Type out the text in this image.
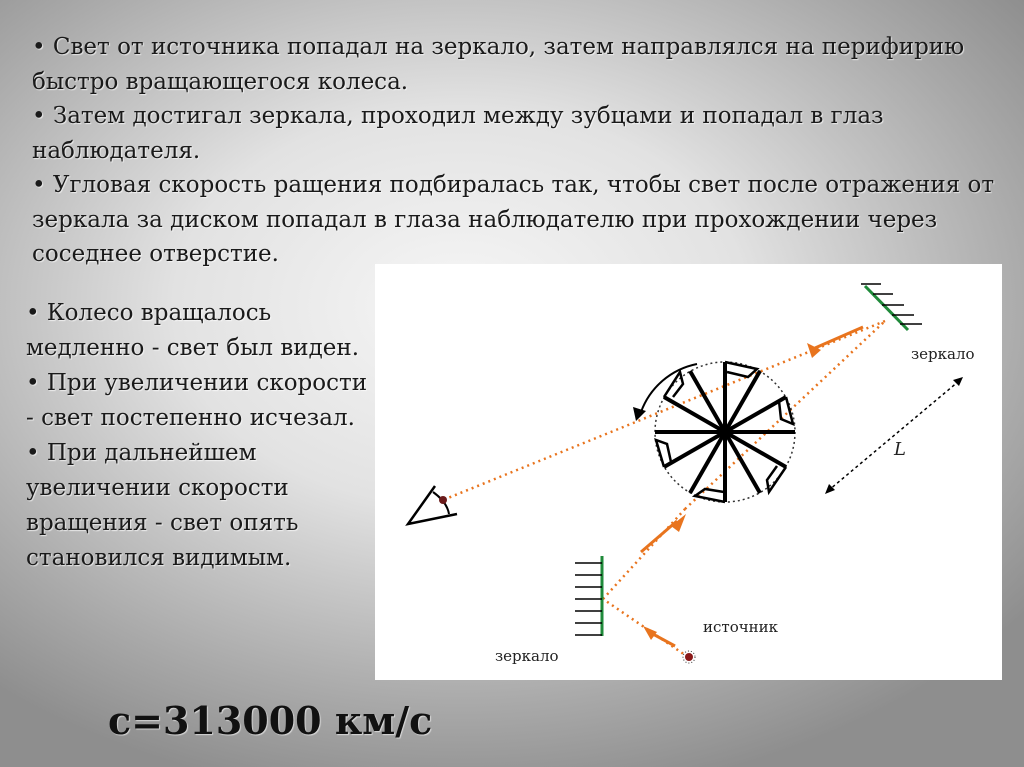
• Свет от источника попадал на зеркало, затем направлялся на перифирию быстро вращающегося колеса.

• Затем достигал зеркала, проходил между зубцами и попадал в глаз наблюдателя.

• Угловая скорость ращения подбиралась так, чтобы свет после отражения от зеркала за диском попадал в глаза наблюдателю при прохождении через соседнее отверстие.

• Колесо вращалось медленно - свет был виден.

• При увеличении скорости - свет постепенно исчезал.

• При дальнейшем увеличении скорости вращения - свет опять становился видимым.

зеркало
L
зеркало
источник
c=313000 км/с
